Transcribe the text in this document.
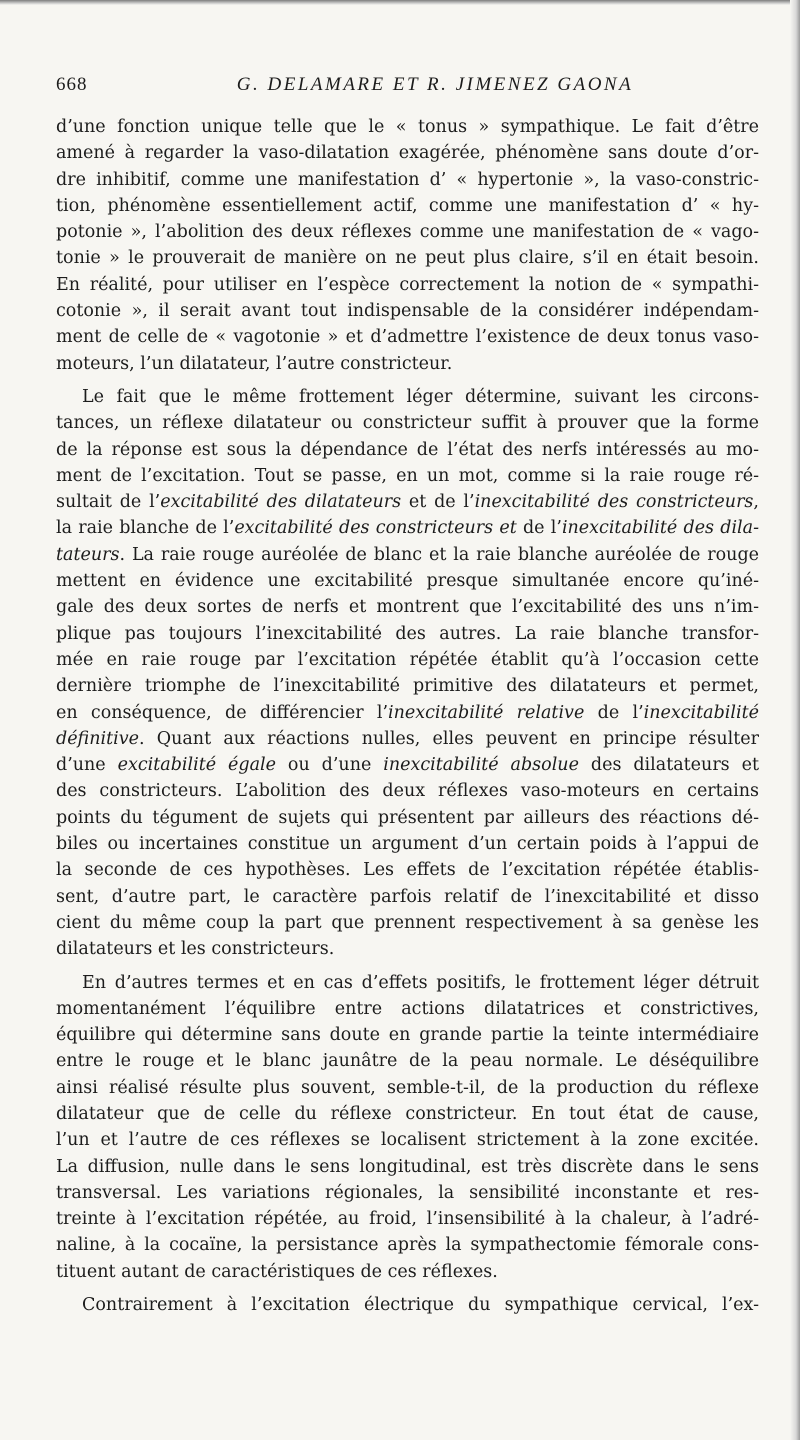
668	G. DELAMARE ET R. JIMENEZ GAONA
d’une fonction unique telle que le « tonus » sympathique. Le fait d’être
amené à regarder la vaso-dilatation exagérée, phénomène sans doute d’or-
dre inhibitif, comme une manifestation d’ « hypertonie », la vaso-constric-
tion, phénomène essentiellement actif, comme une manifestation d’ « hy-
potonie », l’abolition des deux réflexes comme une manifestation de « vago-
tonie » le prouverait de manière on ne peut plus claire, s’il en était besoin.
En réalité, pour utiliser en l’espèce correctement la notion de « sympathi-
cotonie », il serait avant tout indispensable de la considérer indépendam-
ment de celle de « vagotonie » et d’admettre l’existence de deux tonus vaso-
moteurs, l’un dilatateur, l’autre constricteur.
Le fait que le même frottement léger détermine, suivant les circons-
tances, un réflexe dilatateur ou constricteur suffit à prouver que la forme
de la réponse est sous la dépendance de l’état des nerfs intéressés au mo-
ment de l’excitation. Tout se passe, en un mot, comme si la raie rouge ré-
sultait de l’excitabilité des dilatateurs et de l’inexcitabilité des constricteurs,
la raie blanche de l’excitabilité des constricteurs et de l’inexcitabilité des dila-
tateurs. La raie rouge auréolée de blanc et la raie blanche auréolée de rouge
mettent en évidence une excitabilité presque simultanée encore qu’iné-
gale des deux sortes de nerfs et montrent que l’excitabilité des uns n’im-
plique pas toujours l’inexcitabilité des autres. La raie blanche transfor-
mée en raie rouge par l’excitation répétée établit qu’à l’occasion cette
dernière triomphe de l’inexcitabilité primitive des dilatateurs et permet,
en conséquence, de différencier l’inexcitabilité relative de l’inexcitabilité
définitive. Quant aux réactions nulles, elles peuvent en principe résulter
d’une excitabilité égale ou d’une inexcitabilité absolue des dilatateurs et
des constricteurs. L’abolition des deux réflexes vaso-moteurs en certains
points du tégument de sujets qui présentent par ailleurs des réactions dé-
biles ou incertaines constitue un argument d’un certain poids à l’appui de
la seconde de ces hypothèses. Les effets de l’excitation répétée établis-
sent, d’autre part, le caractère parfois relatif de l’inexcitabilité et disso
cient du même coup la part que prennent respectivement à sa genèse les
dilatateurs et les constricteurs.
En d’autres termes et en cas d’effets positifs, le frottement léger détruit
momentanément l’équilibre entre actions dilatatrices et constrictives,
équilibre qui détermine sans doute en grande partie la teinte intermédiaire
entre le rouge et le blanc jaunâtre de la peau normale. Le déséquilibre
ainsi réalisé résulte plus souvent, semble-t-il, de la production du réflexe
dilatateur que de celle du réflexe constricteur. En tout état de cause,
l’un et l’autre de ces réflexes se localisent strictement à la zone excitée.
La diffusion, nulle dans le sens longitudinal, est très discrète dans le sens
transversal. Les variations régionales, la sensibilité inconstante et res-
treinte à l’excitation répétée, au froid, l’insensibilité à la chaleur, à l’adré-
naline, à la cocaïne, la persistance après la sympathectomie fémorale cons-
tituent autant de caractéristiques de ces réflexes.
Contrairement à l’excitation électrique du sympathique cervical, l’ex-
